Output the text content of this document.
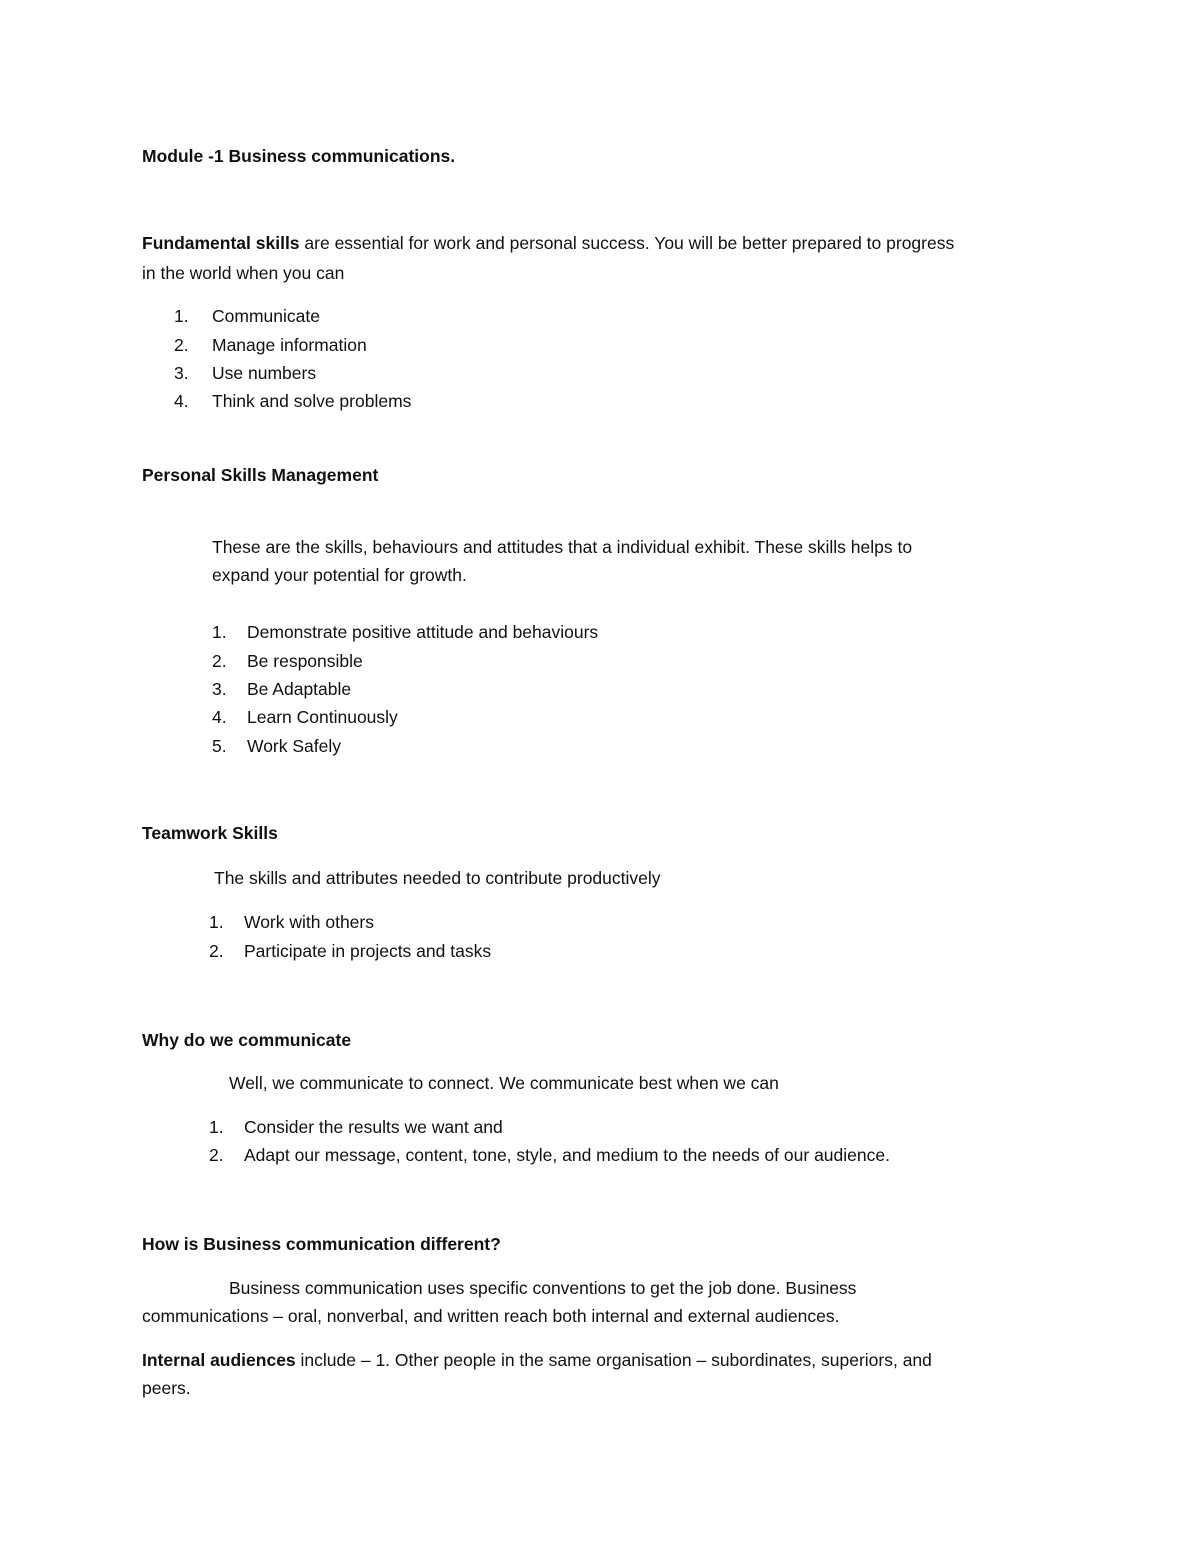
Module -1 Business communications.
Fundamental skills are essential for work and personal success. You will be better prepared to progress
in the world when you can
1. Communicate
2. Manage information
3. Use numbers
4. Think and solve problems
Personal Skills Management
These are the skills, behaviours and attitudes that a individual exhibit. These skills helps to
expand your potential for growth.
1. Demonstrate positive attitude and behaviours
2. Be responsible
3. Be Adaptable
4. Learn Continuously
5. Work Safely
Teamwork Skills
The skills and attributes needed to contribute productively
1. Work with others
2. Participate in projects and tasks
Why do we communicate
Well, we communicate to connect. We communicate best when we can
1. Consider the results we want and
2. Adapt our message, content, tone, style, and medium to the needs of our audience.
How is Business communication different?
Business communication uses specific conventions to get the job done. Business
communications – oral, nonverbal, and written reach both internal and external audiences.
Internal audiences include – 1. Other people in the same organisation – subordinates, superiors, and
peers.
